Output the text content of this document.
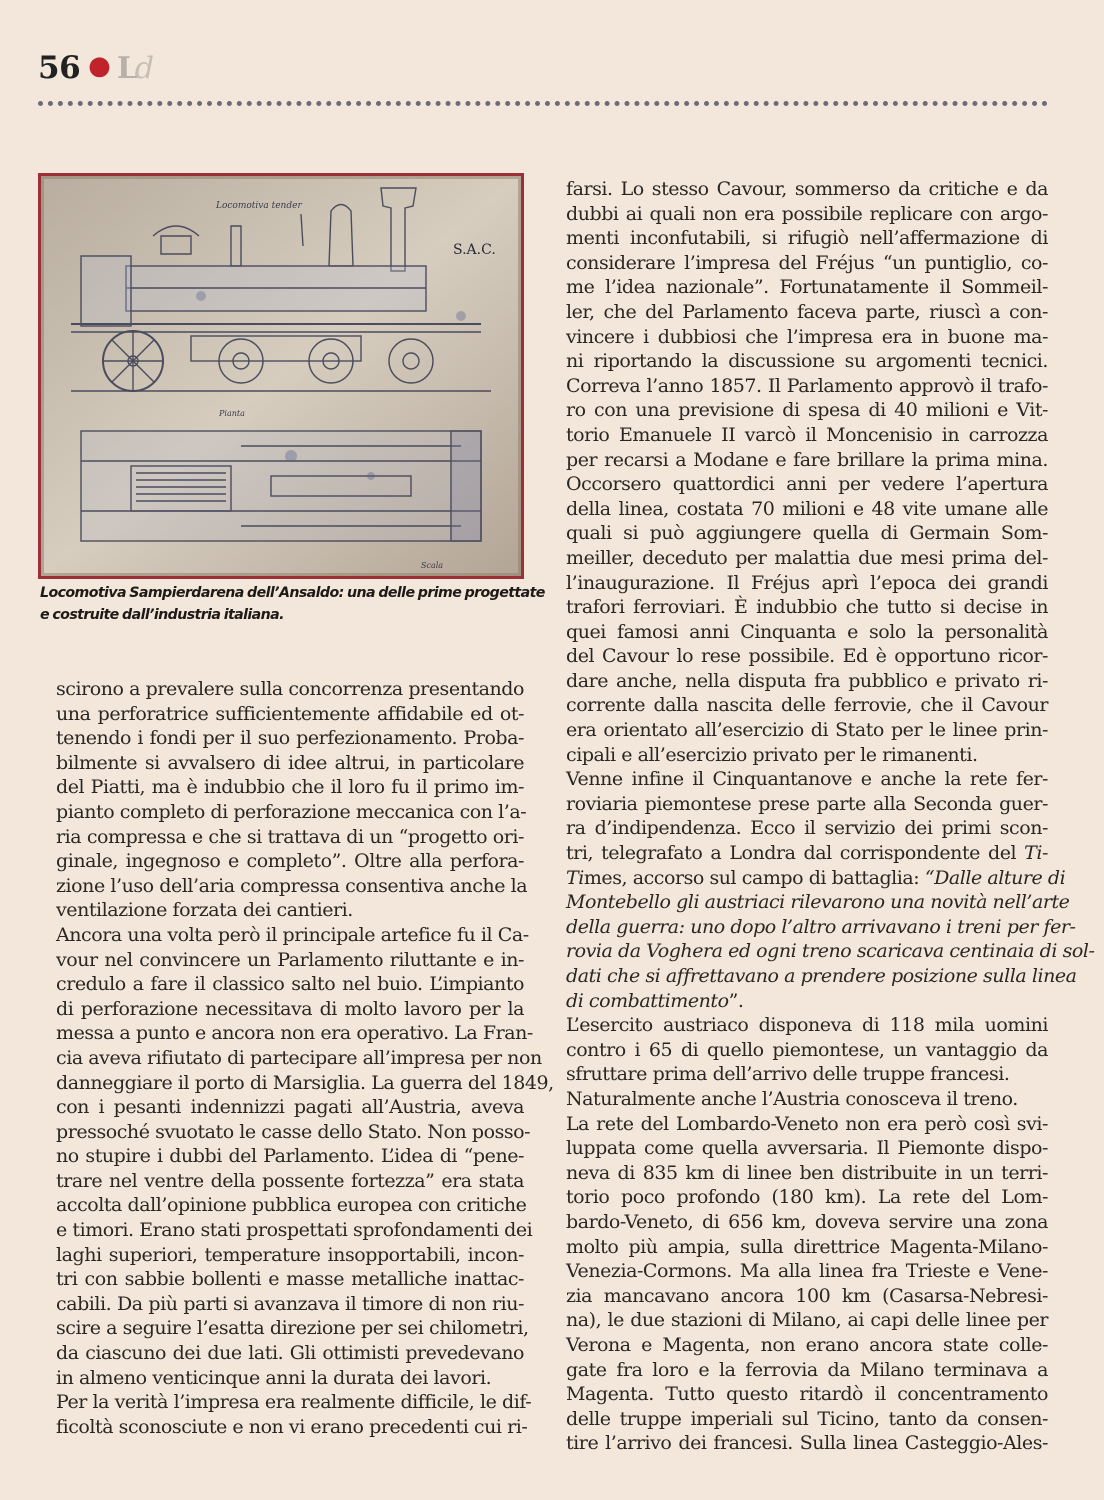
56 ● Ld
Locomotiva tender
S.A.C.
Pianta
Scala
Locomotiva Sampierdarena dell’Ansaldo: una delle prime progettate
e costruite dall’industria italiana.
scirono a prevalere sulla concorrenza presentando
una perforatrice sufficientemente affidabile ed ot-
tenendo i fondi per il suo perfezionamento. Proba-
bilmente si avvalsero di idee altrui, in particolare
del Piatti, ma è indubbio che il loro fu il primo im-
pianto completo di perforazione meccanica con l’a-
ria compressa e che si trattava di un “progetto ori-
ginale, ingegnoso e completo”. Oltre alla perfora-
zione l’uso dell’aria compressa consentiva anche la
ventilazione forzata dei cantieri.
Ancora una volta però il principale artefice fu il Ca-
vour nel convincere un Parlamento riluttante e in-
credulo a fare il classico salto nel buio. L’impianto
di perforazione necessitava di molto lavoro per la
messa a punto e ancora non era operativo. La Fran-
cia aveva rifiutato di partecipare all’impresa per non
danneggiare il porto di Marsiglia. La guerra del 1849,
con i pesanti indennizzi pagati all’Austria, aveva
pressoché svuotato le casse dello Stato. Non posso-
no stupire i dubbi del Parlamento. L’idea di “pene-
trare nel ventre della possente fortezza” era stata
accolta dall’opinione pubblica europea con critiche
e timori. Erano stati prospettati sprofondamenti dei
laghi superiori, temperature insopportabili, incon-
tri con sabbie bollenti e masse metalliche inattac-
cabili. Da più parti si avanzava il timore di non riu-
scire a seguire l’esatta direzione per sei chilometri,
da ciascuno dei due lati. Gli ottimisti prevedevano
in almeno venticinque anni la durata dei lavori.
Per la verità l’impresa era realmente difficile, le dif-
ficoltà sconosciute e non vi erano precedenti cui ri-
farsi. Lo stesso Cavour, sommerso da critiche e da
dubbi ai quali non era possibile replicare con argo-
menti inconfutabili, si rifugiò nell’affermazione di
considerare l’impresa del Fréjus “un puntiglio, co-
me l’idea nazionale”. Fortunatamente il Sommeil-
ler, che del Parlamento faceva parte, riuscì a con-
vincere i dubbiosi che l’impresa era in buone ma-
ni riportando la discussione su argomenti tecnici.
Correva l’anno 1857. Il Parlamento approvò il trafo-
ro con una previsione di spesa di 40 milioni e Vit-
torio Emanuele II varcò il Moncenisio in carrozza
per recarsi a Modane e fare brillare la prima mina.
Occorsero quattordici anni per vedere l’apertura
della linea, costata 70 milioni e 48 vite umane alle
quali si può aggiungere quella di Germain Som-
meiller, deceduto per malattia due mesi prima del-
l’inaugurazione. Il Fréjus aprì l’epoca dei grandi
trafori ferroviari. È indubbio che tutto si decise in
quei famosi anni Cinquanta e solo la personalità
del Cavour lo rese possibile. Ed è opportuno ricor-
dare anche, nella disputa fra pubblico e privato ri-
corrente dalla nascita delle ferrovie, che il Cavour
era orientato all’esercizio di Stato per le linee prin-
cipali e all’esercizio privato per le rimanenti.
Venne infine il Cinquantanove e anche la rete fer-
roviaria piemontese prese parte alla Seconda guer-
ra d’indipendenza. Ecco il servizio dei primi scon-
tri, telegrafato a Londra dal corrispondente del Ti-
Times, accorso sul campo di battaglia: “Dalle alture di
Montebello gli austriaci rilevarono una novità nell’arte
della guerra: uno dopo l’altro arrivavano i treni per fer-
rovia da Voghera ed ogni treno scaricava centinaia di sol-
dati che si affrettavano a prendere posizione sulla linea
di combattimento”.
L’esercito austriaco disponeva di 118 mila uomini
contro i 65 di quello piemontese, un vantaggio da
sfruttare prima dell’arrivo delle truppe francesi.
Naturalmente anche l’Austria conosceva il treno.
La rete del Lombardo-Veneto non era però così svi-
luppata come quella avversaria. Il Piemonte dispo-
neva di 835 km di linee ben distribuite in un terri-
torio poco profondo (180 km). La rete del Lom-
bardo-Veneto, di 656 km, doveva servire una zona
molto più ampia, sulla direttrice Magenta-Milano-
Venezia-Cormons. Ma alla linea fra Trieste e Vene-
zia mancavano ancora 100 km (Casarsa-Nebresi-
na), le due stazioni di Milano, ai capi delle linee per
Verona e Magenta, non erano ancora state colle-
gate fra loro e la ferrovia da Milano terminava a
Magenta. Tutto questo ritardò il concentramento
delle truppe imperiali sul Ticino, tanto da consen-
tire l’arrivo dei francesi. Sulla linea Casteggio-Ales-
